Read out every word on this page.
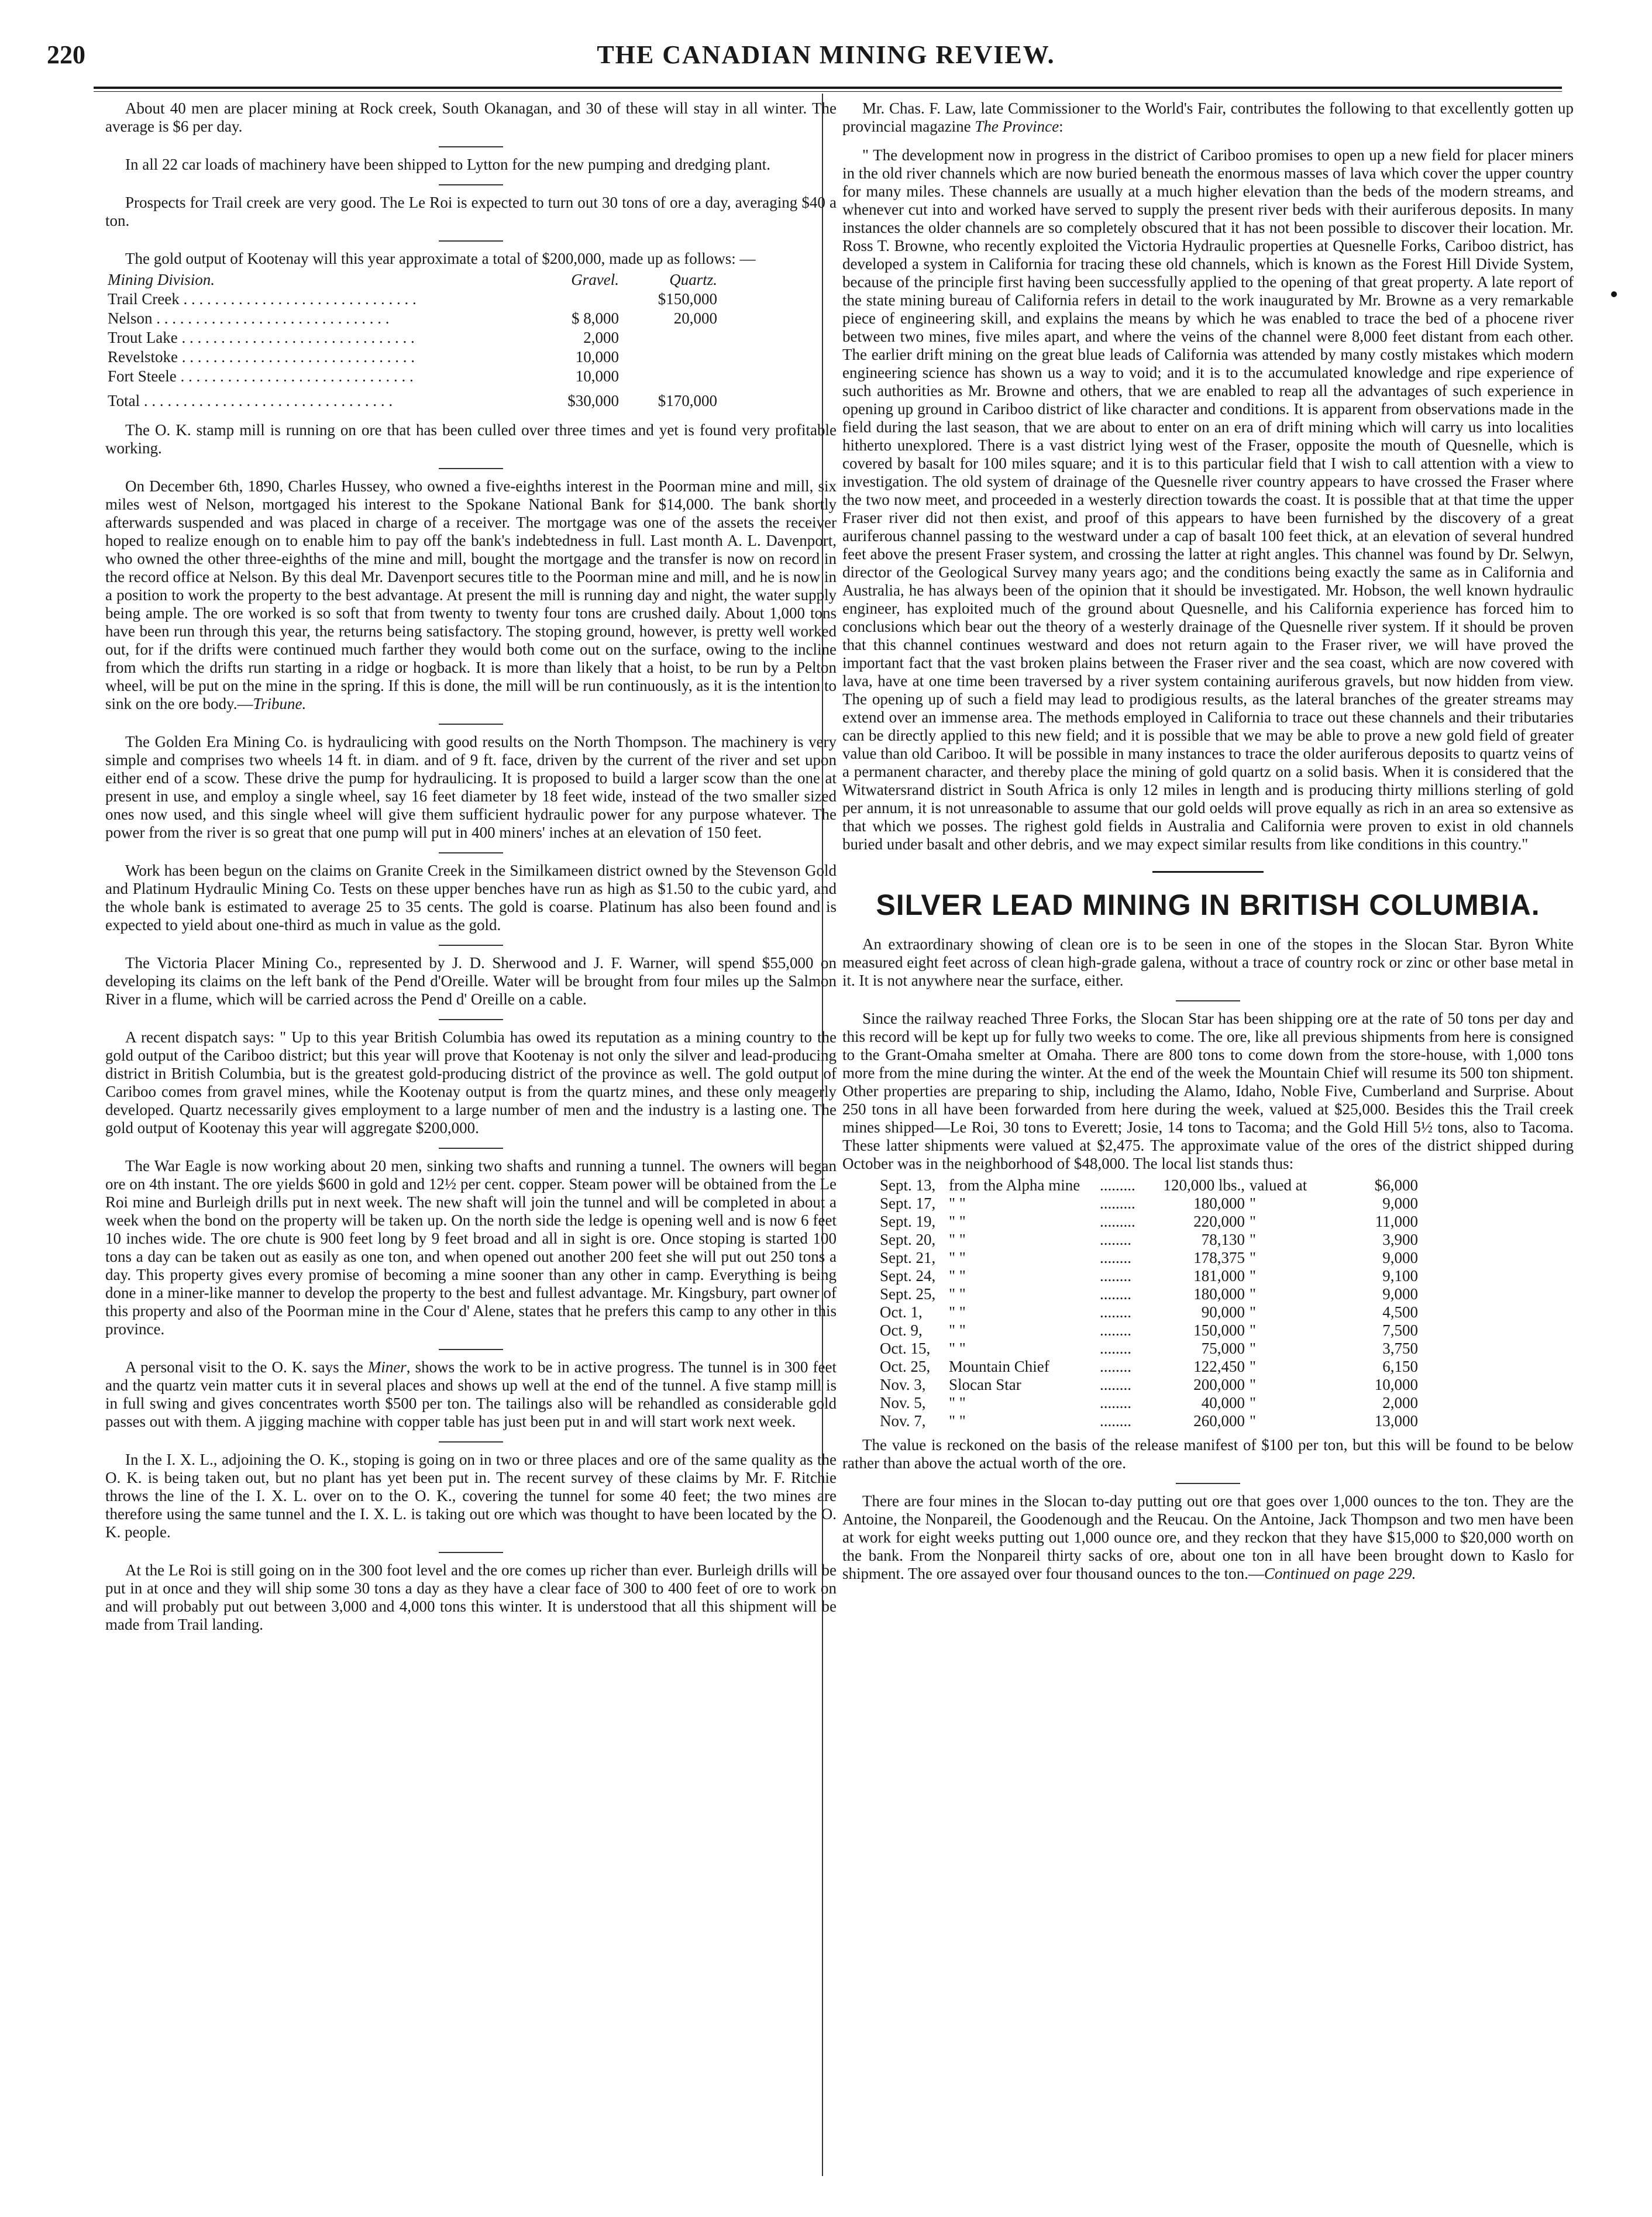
THE CANADIAN MINING REVIEW.
220

About 40 men are placer mining at Rock creek, South Okanagan, and 30 of these will stay in all winter. The average is $6 per day.

In all 22 car loads of machinery have been shipped to Lytton for the new pumping and dredging plant.

Prospects for Trail creek are very good. The Le Roi is expected to turn out 30 tons of ore a day, averaging $40 a ton.

The gold output of Kootenay will this year approximate a total of $200,000, made up as follows: —

Mining Division.	Gravel.	Quartz.
Trail Creek . . . . . . . . . . . . . . . . . . . . . . . . . . . . . .		$150,000
Nelson . . . . . . . . . . . . . . . . . . . . . . . . . . . . . .	$ 8,000	20,000
Trout Lake . . . . . . . . . . . . . . . . . . . . . . . . . . . . . .	2,000	
Revelstoke . . . . . . . . . . . . . . . . . . . . . . . . . . . . . .	10,000	
Fort Steele . . . . . . . . . . . . . . . . . . . . . . . . . . . . . .	10,000	
Total . . . . . . . . . . . . . . . . . . . . . . . . . . . . . . . .	$30,000	$170,000

The O. K. stamp mill is running on ore that has been culled over three times and yet is found very profitable working.

On December 6th, 1890, Charles Hussey, who owned a five-eighths interest in the Poorman mine and mill, six miles west of Nelson, mortgaged his interest to the Spokane National Bank for $14,000. The bank shortly afterwards suspended and was placed in charge of a receiver. The mortgage was one of the assets the receiver hoped to realize enough on to enable him to pay off the bank's indebtedness in full. Last month A. L. Davenport, who owned the other three-eighths of the mine and mill, bought the mortgage and the transfer is now on record in the record office at Nelson. By this deal Mr. Davenport secures title to the Poorman mine and mill, and he is now in a position to work the property to the best advantage. At present the mill is running day and night, the water supply being ample. The ore worked is so soft that from twenty to twenty four tons are crushed daily. About 1,000 tons have been run through this year, the returns being satisfactory. The stoping ground, however, is pretty well worked out, for if the drifts were continued much farther they would both come out on the surface, owing to the incline from which the drifts run starting in a ridge or hogback. It is more than likely that a hoist, to be run by a Pelton wheel, will be put on the mine in the spring. If this is done, the mill will be run continuously, as it is the intention to sink on the ore body.—Tribune.

The Golden Era Mining Co. is hydraulicing with good results on the North Thompson. The machinery is very simple and comprises two wheels 14 ft. in diam. and of 9 ft. face, driven by the current of the river and set upon either end of a scow. These drive the pump for hydraulicing. It is proposed to build a larger scow than the one at present in use, and employ a single wheel, say 16 feet diameter by 18 feet wide, instead of the two smaller sized ones now used, and this single wheel will give them sufficient hydraulic power for any purpose whatever. The power from the river is so great that one pump will put in 400 miners' inches at an elevation of 150 feet.

Work has been begun on the claims on Granite Creek in the Similkameen district owned by the Stevenson Gold and Platinum Hydraulic Mining Co. Tests on these upper benches have run as high as $1.50 to the cubic yard, and the whole bank is estimated to average 25 to 35 cents. The gold is coarse. Platinum has also been found and is expected to yield about one-third as much in value as the gold.

The Victoria Placer Mining Co., represented by J. D. Sherwood and J. F. Warner, will spend $55,000 on developing its claims on the left bank of the Pend d'Oreille. Water will be brought from four miles up the Salmon River in a flume, which will be carried across the Pend d' Oreille on a cable.

A recent dispatch says: " Up to this year British Columbia has owed its reputation as a mining country to the gold output of the Cariboo district; but this year will prove that Kootenay is not only the silver and lead-producing district in British Columbia, but is the greatest gold-producing district of the province as well. The gold output of Cariboo comes from gravel mines, while the Kootenay output is from the quartz mines, and these only meagerly developed. Quartz necessarily gives employment to a large number of men and the industry is a lasting one. The gold output of Kootenay this year will aggregate $200,000.

The War Eagle is now working about 20 men, sinking two shafts and running a tunnel. The owners will began ore on 4th instant. The ore yields $600 in gold and 12½ per cent. copper. Steam power will be obtained from the Le Roi mine and Burleigh drills put in next week. The new shaft will join the tunnel and will be completed in about a week when the bond on the property will be taken up. On the north side the ledge is opening well and is now 6 feet 10 inches wide. The ore chute is 900 feet long by 9 feet broad and all in sight is ore. Once stoping is started 100 tons a day can be taken out as easily as one ton, and when opened out another 200 feet she will put out 250 tons a day. This property gives every promise of becoming a mine sooner than any other in camp. Everything is being done in a miner-like manner to develop the property to the best and fullest advantage. Mr. Kingsbury, part owner of this property and also of the Poorman mine in the Cour d' Alene, states that he prefers this camp to any other in this province.

A personal visit to the O. K. says the Miner, shows the work to be in active progress. The tunnel is in 300 feet and the quartz vein matter cuts it in several places and shows up well at the end of the tunnel. A five stamp mill is in full swing and gives concentrates worth $500 per ton. The tailings also will be rehandled as considerable gold passes out with them. A jigging machine with copper table has just been put in and will start work next week.

In the I. X. L., adjoining the O. K., stoping is going on in two or three places and ore of the same quality as the O. K. is being taken out, but no plant has yet been put in. The recent survey of these claims by Mr. F. Ritchie throws the line of the I. X. L. over on to the O. K., covering the tunnel for some 40 feet; the two mines are therefore using the same tunnel and the I. X. L. is taking out ore which was thought to have been located by the O. K. people.

At the Le Roi is still going on in the 300 foot level and the ore comes up richer than ever. Burleigh drills will be put in at once and they will ship some 30 tons a day as they have a clear face of 300 to 400 feet of ore to work on and will probably put out between 3,000 and 4,000 tons this winter. It is understood that all this shipment will be made from Trail landing.

Mr. Chas. F. Law, late Commissioner to the World's Fair, contributes the following to that excellently gotten up provincial magazine The Province:

" The development now in progress in the district of Cariboo promises to open up a new field for placer miners in the old river channels which are now buried beneath the enormous masses of lava which cover the upper country for many miles. These channels are usually at a much higher elevation than the beds of the modern streams, and whenever cut into and worked have served to supply the present river beds with their auriferous deposits. In many instances the older channels are so completely obscured that it has not been possible to discover their location. Mr. Ross T. Browne, who recently exploited the Victoria Hydraulic properties at Quesnelle Forks, Cariboo district, has developed a system in California for tracing these old channels, which is known as the Forest Hill Divide System, because of the principle first having been successfully applied to the opening of that great property. A late report of the state mining bureau of California refers in detail to the work inaugurated by Mr. Browne as a very remarkable piece of engineering skill, and explains the means by which he was enabled to trace the bed of a phocene river between two mines, five miles apart, and where the veins of the channel were 8,000 feet distant from each other. The earlier drift mining on the great blue leads of California was attended by many costly mistakes which modern engineering science has shown us a way to void; and it is to the accumulated knowledge and ripe experience of such authorities as Mr. Browne and others, that we are enabled to reap all the advantages of such experience in opening up ground in Cariboo district of like character and conditions. It is apparent from observations made in the field during the last season, that we are about to enter on an era of drift mining which will carry us into localities hitherto unexplored. There is a vast district lying west of the Fraser, opposite the mouth of Quesnelle, which is covered by basalt for 100 miles square; and it is to this particular field that I wish to call attention with a view to investigation. The old system of drainage of the Quesnelle river country appears to have crossed the Fraser where the two now meet, and proceeded in a westerly direction towards the coast. It is possible that at that time the upper Fraser river did not then exist, and proof of this appears to have been furnished by the discovery of a great auriferous channel passing to the westward under a cap of basalt 100 feet thick, at an elevation of several hundred feet above the present Fraser system, and crossing the latter at right angles. This channel was found by Dr. Selwyn, director of the Geological Survey many years ago; and the conditions being exactly the same as in California and Australia, he has always been of the opinion that it should be investigated. Mr. Hobson, the well known hydraulic engineer, has exploited much of the ground about Quesnelle, and his California experience has forced him to conclusions which bear out the theory of a westerly drainage of the Quesnelle river system. If it should be proven that this channel continues westward and does not return again to the Fraser river, we will have proved the important fact that the vast broken plains between the Fraser river and the sea coast, which are now covered with lava, have at one time been traversed by a river system containing auriferous gravels, but now hidden from view. The opening up of such a field may lead to prodigious results, as the lateral branches of the greater streams may extend over an immense area. The methods employed in California to trace out these channels and their tributaries can be directly applied to this new field; and it is possible that we may be able to prove a new gold field of greater value than old Cariboo. It will be possible in many instances to trace the older auriferous deposits to quartz veins of a permanent character, and thereby place the mining of gold quartz on a solid basis. When it is considered that the Witwatersrand district in South Africa is only 12 miles in length and is producing thirty millions sterling of gold per annum, it is not unreasonable to assume that our gold oelds will prove equally as rich in an area so extensive as that which we posses. The righest gold fields in Australia and California were proven to exist in old channels buried under basalt and other debris, and we may expect similar results from like conditions in this country."

SILVER LEAD MINING IN BRITISH COLUMBIA.

An extraordinary showing of clean ore is to be seen in one of the stopes in the Slocan Star. Byron White measured eight feet across of clean high-grade galena, without a trace of country rock or zinc or other base metal in it. It is not anywhere near the surface, either.

Since the railway reached Three Forks, the Slocan Star has been shipping ore at the rate of 50 tons per day and this record will be kept up for fully two weeks to come. The ore, like all previous shipments from here is consigned to the Grant-Omaha smelter at Omaha. There are 800 tons to come down from the store-house, with 1,000 tons more from the mine during the winter. At the end of the week the Mountain Chief will resume its 500 ton shipment. Other properties are preparing to ship, including the Alamo, Idaho, Noble Five, Cumberland and Surprise. About 250 tons in all have been forwarded from here during the week, valued at $25,000. Besides this the Trail creek mines shipped—Le Roi, 30 tons to Everett; Josie, 14 tons to Tacoma; and the Gold Hill 5½ tons, also to Tacoma. These latter shipments were valued at $2,475. The approximate value of the ores of the district shipped during October was in the neighborhood of $48,000. The local list stands thus:

Sept. 13,	from the Alpha mine	.........	120,000 lbs.,	valued at	$6,000
Sept. 17,	" "	.........	180,000	"	9,000
Sept. 19,	" "	.........	220,000	"	11,000
Sept. 20,	" "	........	78,130	"	3,900
Sept. 21,	" "	........	178,375	"	9,000
Sept. 24,	" "	........	181,000	"	9,100
Sept. 25,	" "	........	180,000	"	9,000
Oct. 1,	" "	........	90,000	"	4,500
Oct. 9,	" "	........	150,000	"	7,500
Oct. 15,	" "	........	75,000	"	3,750
Oct. 25,	Mountain Chief	........	122,450	"	6,150
Nov. 3,	Slocan Star	........	200,000	"	10,000
Nov. 5,	" "	........	40,000	"	2,000
Nov. 7,	" "	........	260,000	"	13,000

The value is reckoned on the basis of the release manifest of $100 per ton, but this will be found to be below rather than above the actual worth of the ore.

There are four mines in the Slocan to-day putting out ore that goes over 1,000 ounces to the ton. They are the Antoine, the Nonpareil, the Goodenough and the Reucau. On the Antoine, Jack Thompson and two men have been at work for eight weeks putting out 1,000 ounce ore, and they reckon that they have $15,000 to $20,000 worth on the bank. From the Nonpareil thirty sacks of ore, about one ton in all have been brought down to Kaslo for shipment. The ore assayed over four thousand ounces to the ton.—Continued on page 229.
